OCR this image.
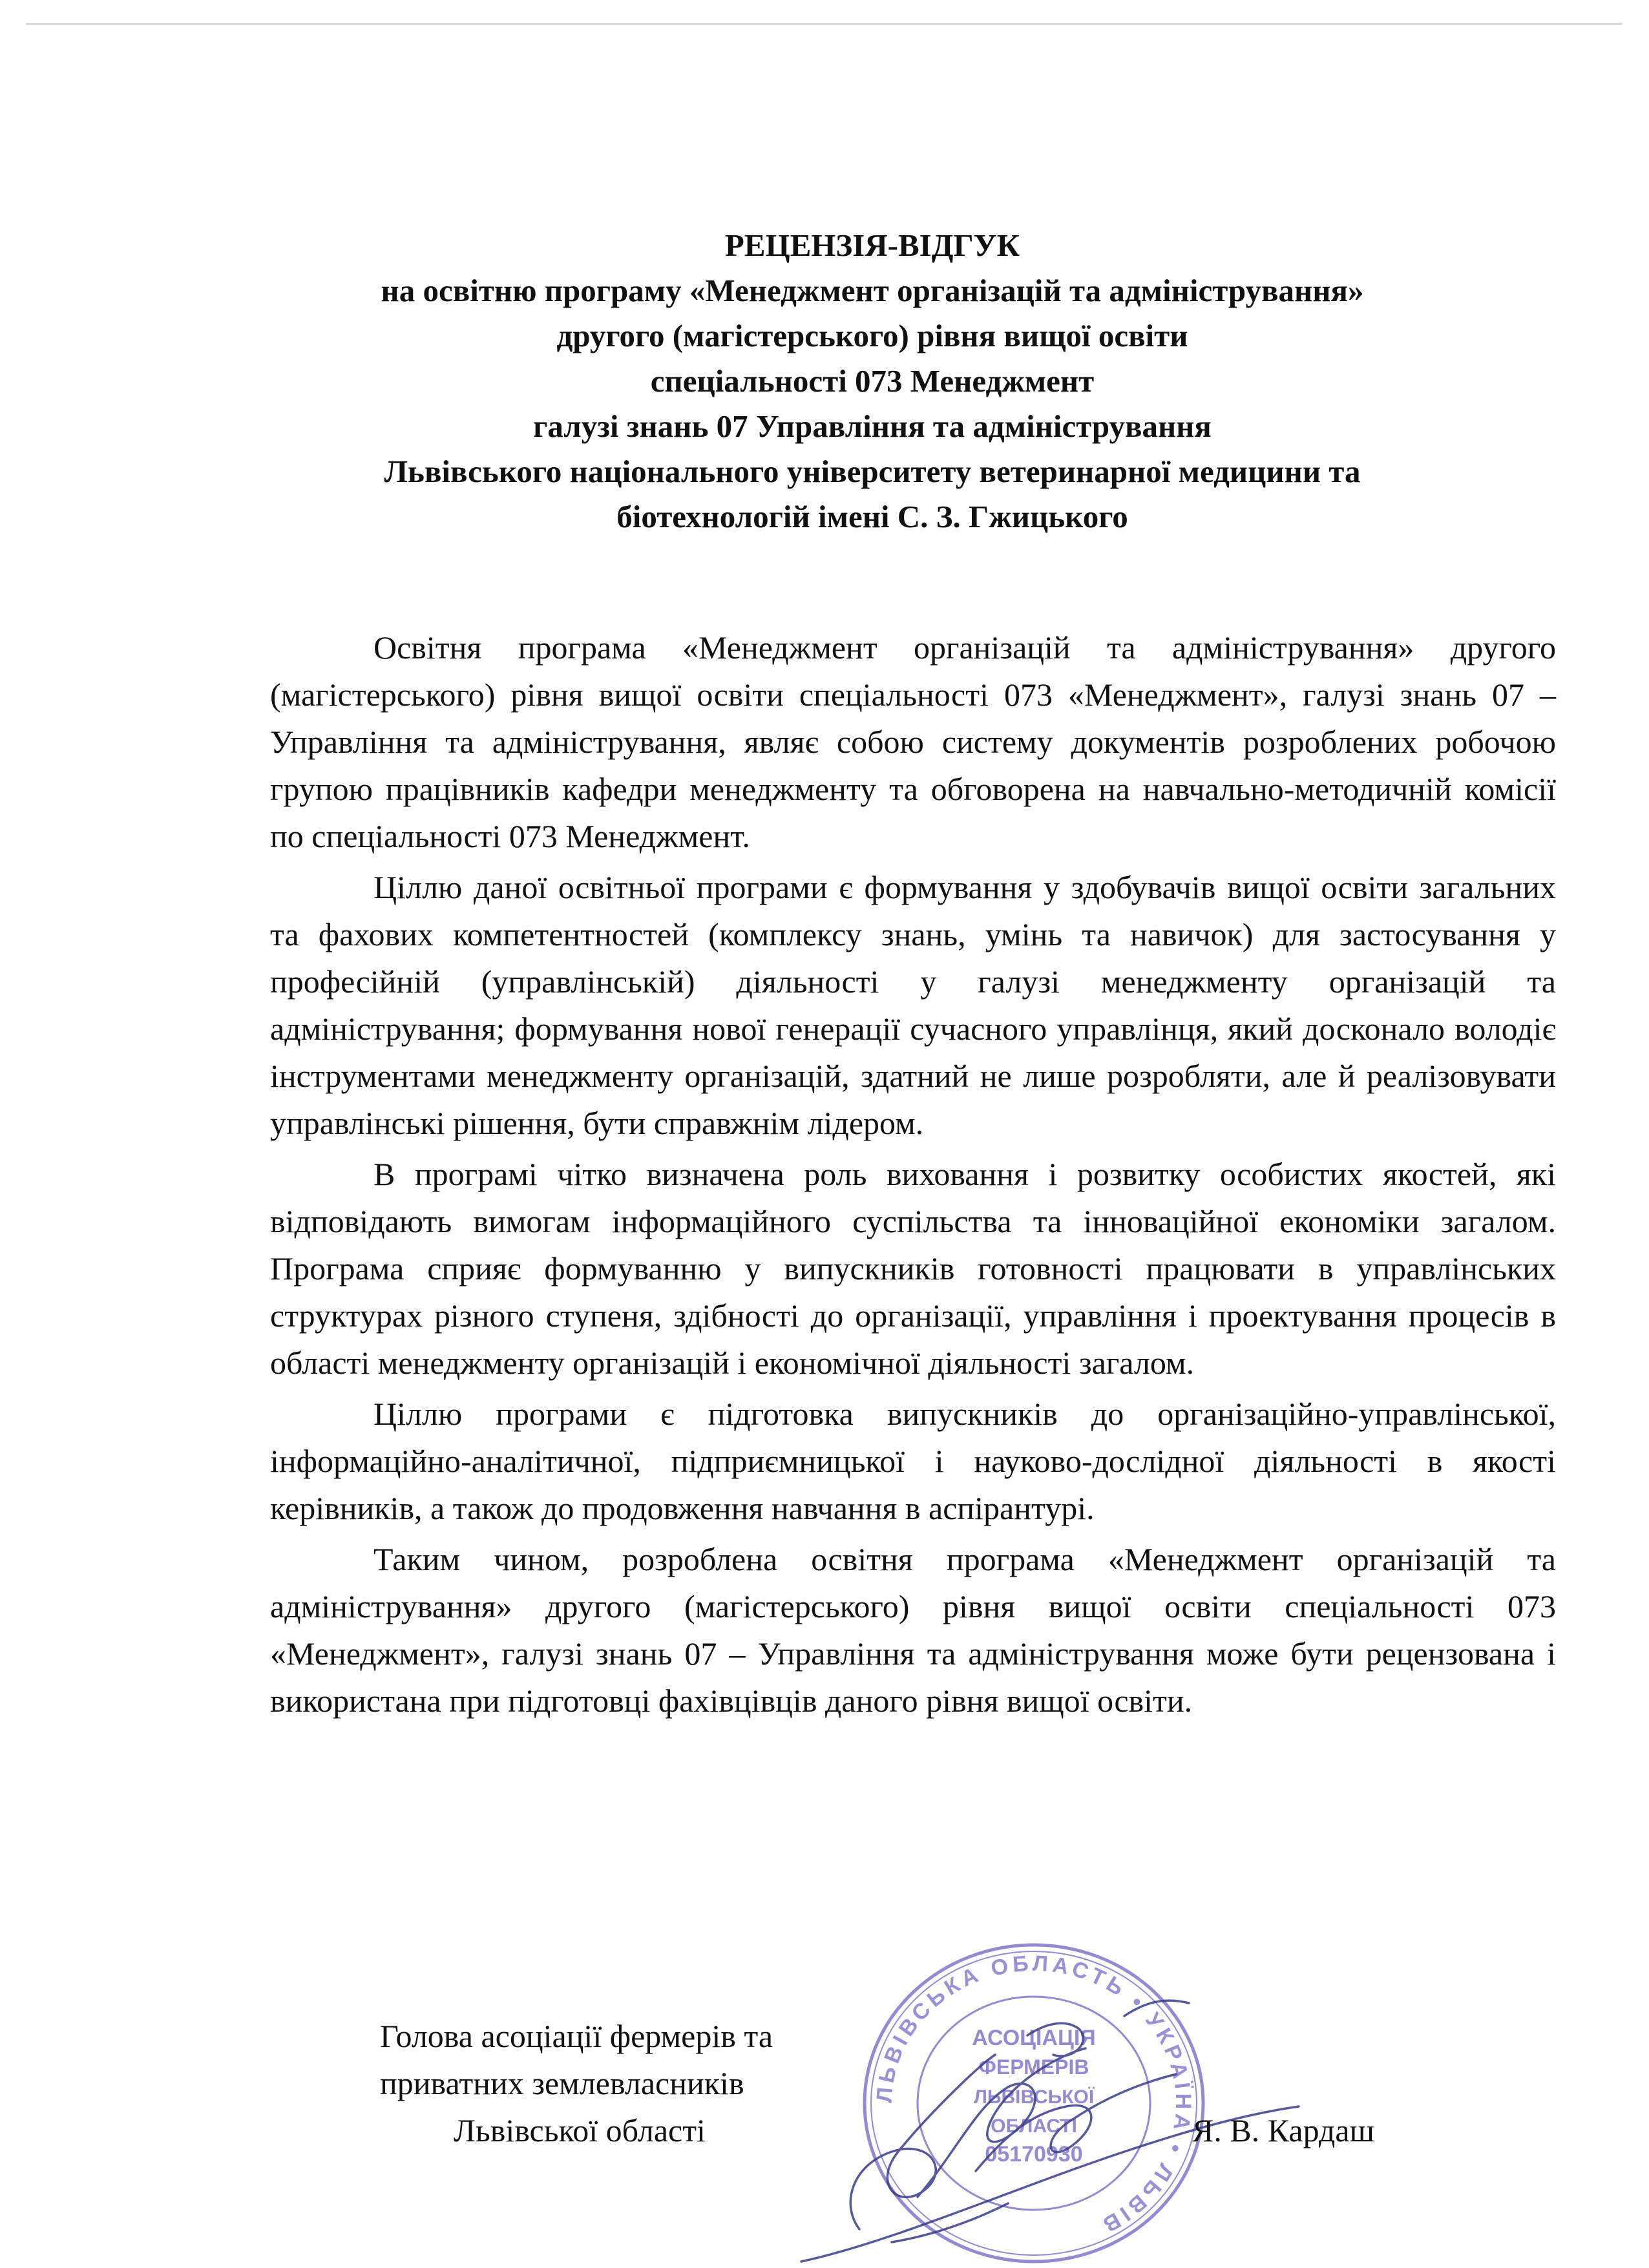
РЕЦЕНЗІЯ-ВІДГУК
на освітню програму «Менеджмент організацій та адміністрування»
другого (магістерського) рівня вищої освіти
спеціальності 073 Менеджмент
галузі знань 07 Управління та адміністрування
Львівського національного університету ветеринарної медицини та
біотехнологій імені С. З. Гжицького

Освітня програма «Менеджмент організацій та адміністрування» другого (магістерського) рівня вищої освіти спеціальності 073 «Менеджмент», галузі знань 07 – Управління та адміністрування, являє собою систему документів розроблених робочою групою працівників кафедри менеджменту та обговорена на навчально-методичній комісії по спеціальності 073 Менеджмент.

Ціллю даної освітньої програми є формування у здобувачів вищої освіти загальних та фахових компетентностей (комплексу знань, умінь та навичок) для застосування у професійній (управлінській) діяльності у галузі менеджменту організацій та адміністрування; формування нової генерації сучасного управлінця, який досконало володіє інструментами менеджменту організацій, здатний не лише розробляти, але й реалізовувати управлінські рішення, бути справжнім лідером.

В програмі чітко визначена роль виховання і розвитку особистих якостей, які відповідають вимогам інформаційного суспільства та інноваційної економіки загалом. Програма сприяє формуванню у випускників готовності працювати в управлінських структурах різного ступеня, здібності до організації, управління і проектування процесів в області менеджменту організацій і економічної діяльності загалом.

Ціллю програми є підготовка випускників до організаційно-управлінської, інформаційно-аналітичної, підприємницької і науково-дослідної діяльності в якості керівників, а також до продовження навчання в аспірантурі.

Таким чином, розроблена освітня програма «Менеджмент організацій та адміністрування» другого (магістерського) рівня вищої освіти спеціальності 073 «Менеджмент», галузі знань 07 – Управління та адміністрування може бути рецензована і використана при підготовці фахівцівців даного рівня вищої освіти.

Голова асоціації фермерів та
приватних землевласників
Львівської області
ЛЬВІВСЬКА ОБЛАСТЬ • УКРАЇНА • ЛЬВІВ
АСОЦІАЦІЯ
ФЕРМЕРІВ
ЛЬВІВСЬКОЇ
ОБЛАСТІ
05170930
Я. В. Кардаш
